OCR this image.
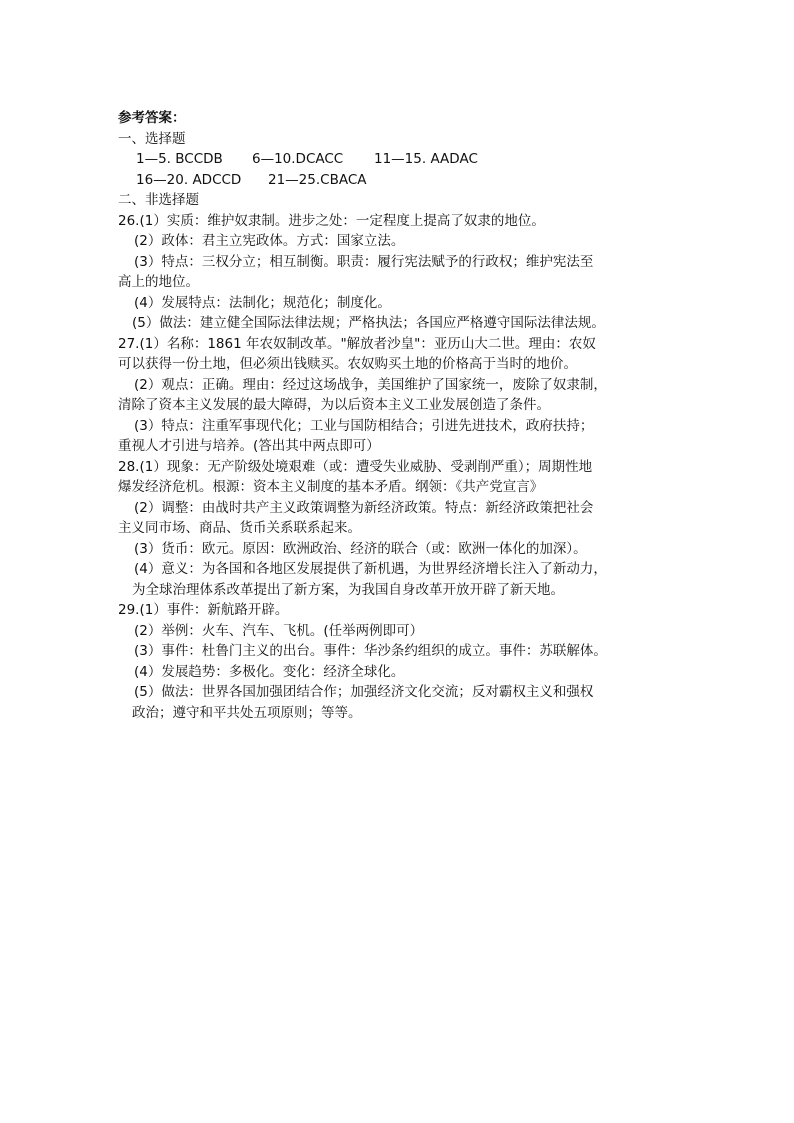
参考答案：
一、选择题
1—5. BCCDB 6—10.DCACC 11—15. AADAC
16—20. ADCCD 21—25.CBACA
二、非选择题
26.(1）实质：维护奴隶制。进步之处：一定程度上提高了奴隶的地位。
(2）政体：君主立宪政体。方式：国家立法。
(3）特点：三权分立；相互制衡。职责：履行宪法赋予的行政权；维护宪法至
高上的地位。
(4）发展特点：法制化；规范化；制度化。
(5）做法：建立健全国际法律法规；严格执法；各国应严格遵守国际法律法规。
27.(1）名称：1861 年农奴制改革。"解放者沙皇"：亚历山大二世。理由：农奴
可以获得一份土地，但必须出钱赎买。农奴购买土地的价格高于当时的地价。
(2）观点：正确。理由：经过这场战争，美国维护了国家统一，废除了奴隶制，
清除了资本主义发展的最大障碍，为以后资本主义工业发展创造了条件。
(3）特点：注重军事现代化；工业与国防相结合；引进先进技术，政府扶持；
重视人才引进与培养。(答出其中两点即可）
28.(1）现象：无产阶级处境艰难（或：遭受失业威胁、受剥削严重）；周期性地
爆发经济危机。根源：资本主义制度的基本矛盾。纲领：《共产党宣言》
(2）调整：由战时共产主义政策调整为新经济政策。特点：新经济政策把社会
主义同市场、商品、货币关系联系起来。
(3）货币：欧元。原因：欧洲政治、经济的联合（或：欧洲一体化的加深）。
(4）意义：为各国和各地区发展提供了新机遇，为世界经济增长注入了新动力，
为全球治理体系改革提出了新方案，为我国自身改革开放开辟了新天地。
29.(1）事件：新航路开辟。
(2）举例：火车、汽车、飞机。(任举两例即可）
(3）事件：杜鲁门主义的出台。事件：华沙条约组织的成立。事件：苏联解体。
(4）发展趋势：多极化。变化：经济全球化。
(5）做法：世界各国加强团结合作；加强经济文化交流；反对霸权主义和强权
政治；遵守和平共处五项原则；等等。
